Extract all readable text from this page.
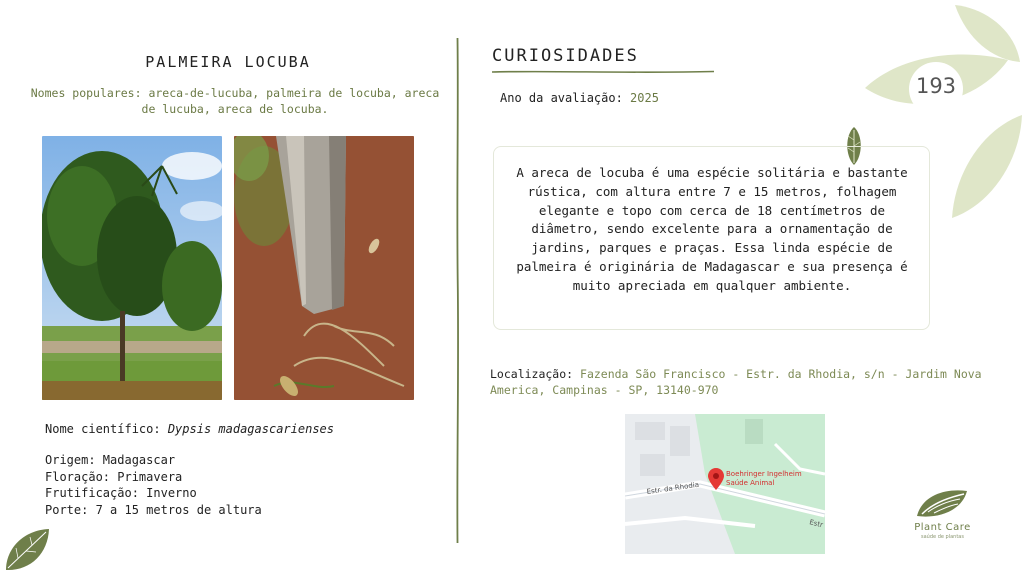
193
PALMEIRA LOCUBA
Nomes populares: areca-de-lucuba, palmeira de locuba, areca de lucuba, areca de locuba.
Nome científico: Dypsis madagascarienses
Origem: Madagascar
Floração: Primavera
Frutificação: Inverno
Porte: 7 a 15 metros de altura
CURIOSIDADES
Ano da avaliação: 2025
A areca de locuba é uma espécie solitária e bastante rústica, com altura entre 7 e 15 metros, folhagem elegante e topo com cerca de 18 centímetros de diâmetro, sendo excelente para a ornamentação de jardins, parques e praças. Essa linda espécie de palmeira é originária de Madagascar e sua presença é muito apreciada em qualquer ambiente.
Localização: Fazenda São Francisco - Estr. da Rhodia, s/n - Jardim Nova America, Campinas - SP, 13140-970
Estr. da Rhodia
Estr
Boehringer Ingelheim
Saúde Animal
Plant Care
saúde de plantas
